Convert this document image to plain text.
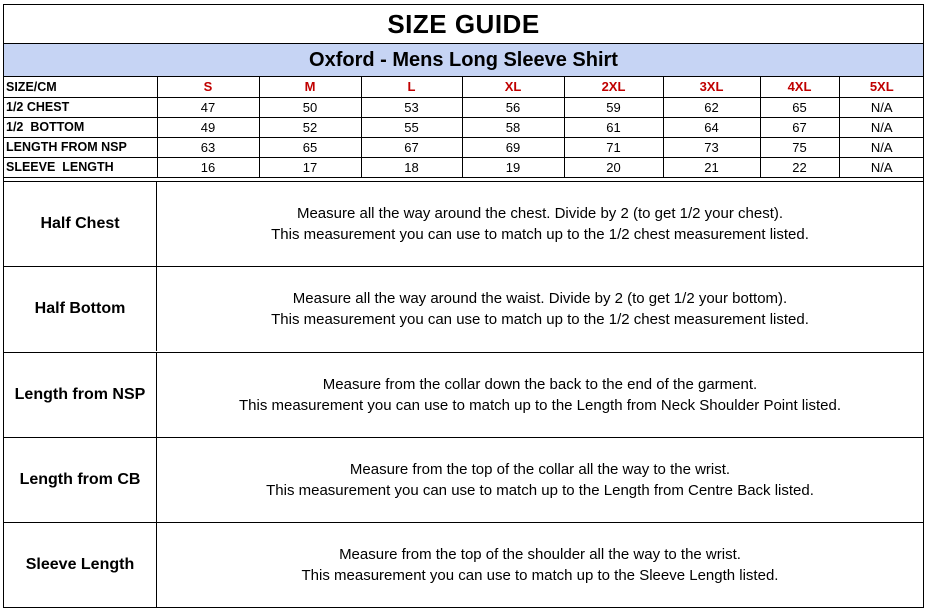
SIZE GUIDE
Oxford - Mens Long Sleeve Shirt
SIZE/CM	S	M	L	XL	2XL	3XL	4XL	5XL
1/2 CHEST	47	50	53	56	59	62	65	N/A
1/2  BOTTOM	49	52	55	58	61	64	67	N/A
LENGTH FROM NSP	63	65	67	69	71	73	75	N/A
SLEEVE  LENGTH	16	17	18	19	20	21	22	N/A
Half Chest
Measure all the way around the chest. Divide by 2 (to get 1/2 your chest).
This measurement you can use to match up to the 1/2 chest measurement listed.
Half Bottom
Measure all the way around the waist. Divide by 2 (to get 1/2 your bottom).
This measurement you can use to match up to the 1/2 chest measurement listed.
Length from NSP
Measure from the collar down the back to the end of the garment.
This measurement you can use to match up to the Length from Neck Shoulder Point listed.
Length from CB
Measure from the top of the collar all the way to the wrist.
This measurement you can use to match up to the Length from Centre Back listed.
Sleeve Length
Measure from the top of the shoulder all the way to the wrist.
This measurement you can use to match up to the Sleeve Length listed.
